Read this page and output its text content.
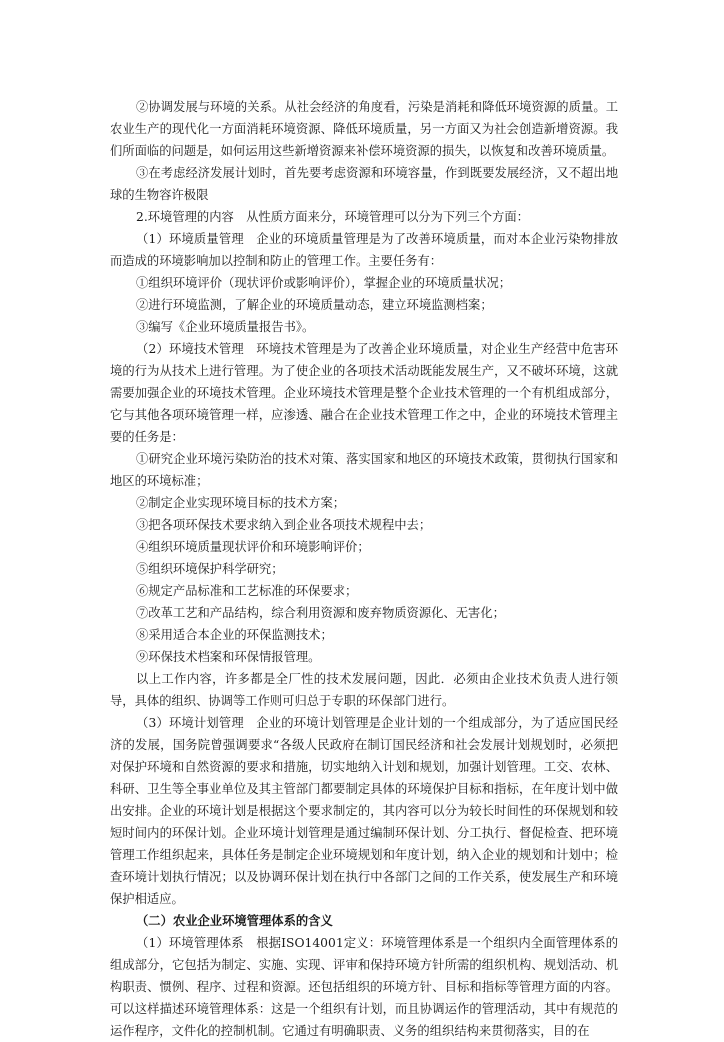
②协调发展与环境的关系。从社会经济的角度看，污染是消耗和降低环境资源的质量。工农业生产的现代化一方面消耗环境资源、降低环境质量，另一方面又为社会创造新增资源。我们所面临的问题是，如何运用这些新增资源来补偿环境资源的损失，以恢复和改善环境质量。

③在考虑经济发展计划时，首先要考虑资源和环境容量，作到既要发展经济，又不超出地球的生物容许极限

2.环境管理的内容　从性质方面来分，环境管理可以分为下列三个方面：

（1）环境质量管理　企业的环境质量管理是为了改善环境质量，而对本企业污染物排放而造成的环境影响加以控制和防止的管理工作。主要任务有：

①组织环境评价（现状评价或影响评价），掌握企业的环境质量状况；

②进行环境监测，了解企业的环境质量动态，建立环境监测档案；

③编写《企业环境质量报告书》。

（2）环境技术管理　环境技术管理是为了改善企业环境质量，对企业生产经营中危害环境的行为从技术上进行管理。为了使企业的各项技术活动既能发展生产，又不破坏环境，这就需要加强企业的环境技术管理。企业环境技术管理是整个企业技术管理的一个有机组成部分，它与其他各项环境管理一样，应渗透、融合在企业技术管理工作之中，企业的环境技术管理主要的任务是：

①研究企业环境污染防治的技术对策、落实国家和地区的环境技术政策，贯彻执行国家和地区的环境标准；

②制定企业实现环境目标的技术方案；

③把各项环保技术要求纳入到企业各项技术规程中去；

④组织环境质量现状评价和环境影响评价；

⑤组织环境保护科学研究；

⑥规定产品标准和工艺标准的环保要求；

⑦改革工艺和产品结构，综合利用资源和废弃物质资源化、无害化；

⑧采用适合本企业的环保监测技术；

⑨环保技术档案和环保情报管理。

以上工作内容，许多都是全厂性的技术发展问题，因此．必须由企业技术负责人进行领导，具体的组织、协调等工作则可归总于专职的环保部门进行。

（3）环境计划管理　企业的环境计划管理是企业计划的一个组成部分，为了适应国民经济的发展，国务院曾强调要求“各级人民政府在制订国民经济和社会发展计划规划时，必须把对保护环境和自然资源的要求和措施，切实地纳入计划和规划，加强计划管理。工交、农林、科研、卫生等全事业单位及其主管部门都要制定具体的环境保护目标和指标，在年度计划中做出安排。企业的环境计划是根据这个要求制定的，其内容可以分为较长时间性的环保规划和较短时间内的环保计划。企业环境计划管理是通过编制环保计划、分工执行、督促检查、把环境管理工作组织起来，具体任务是制定企业环境规划和年度计划，纳入企业的规划和计划中；检查环境计划执行情况；以及协调环保计划在执行中各部门之间的工作关系，使发展生产和环境保护相适应。

（二）农业企业环境管理体系的含义

（1）环境管理体系　根据ISO14001定义：环境管理体系是一个组织内全面管理体系的组成部分，它包括为制定、实施、实现、评审和保持环境方针所需的组织机构、规划活动、机构职责、惯例、程序、过程和资源。还包括组织的环境方针、目标和指标等管理方面的内容。可以这样描述环境管理体系：这是一个组织有计划，而且协调运作的管理活动，其中有规范的运作程序，文件化的控制机制。它通过有明确职责、义务的组织结构来贯彻落实，目的在
